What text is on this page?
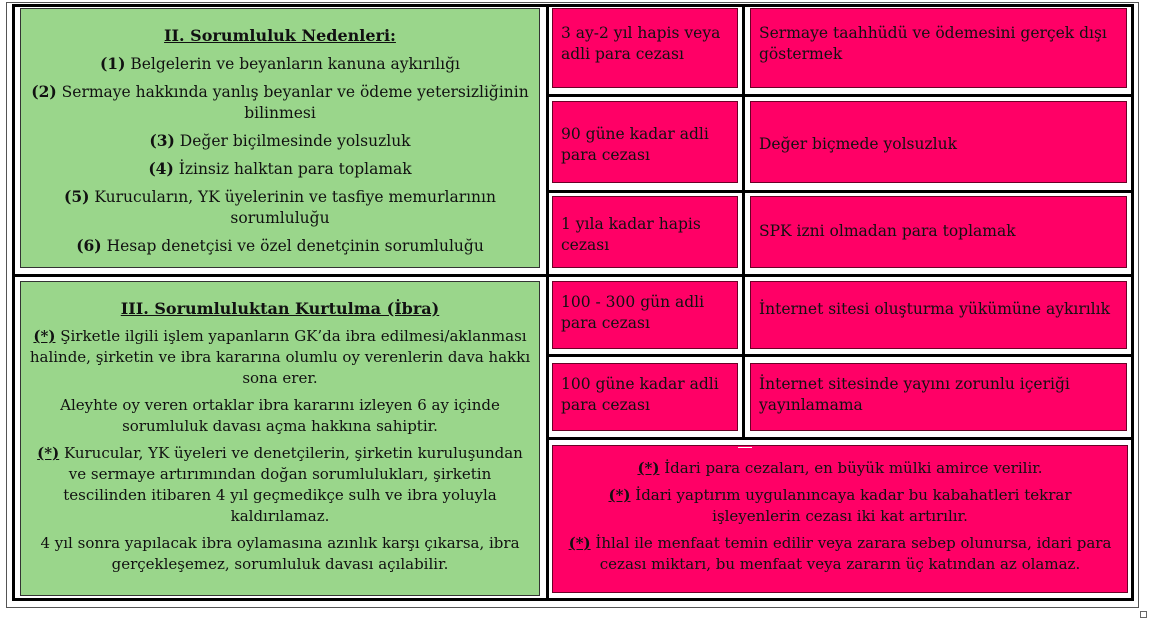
II. Sorumluluk Nedenleri:

(1) Belgelerin ve beyanların kanuna aykırılığı

(2) Sermaye hakkında yanlış beyanlar ve ödeme yetersizliğinin bilinmesi

(3) Değer biçilmesinde yolsuzluk

(4) İzinsiz halktan para toplamak

(5) Kurucuların, YK üyelerinin ve tasfiye memurlarının sorumluluğu

(6) Hesap denetçisi ve özel denetçinin sorumluluğu

III. Sorumluluktan Kurtulma (İbra)

(*) Şirketle ilgili işlem yapanların GK’da ibra edilmesi/aklanması halinde, şirketin ve ibra kararına olumlu oy verenlerin dava hakkı sona erer.

Aleyhte oy veren ortaklar ibra kararını izleyen 6 ay içinde sorumluluk davası açma hakkına sahiptir.

(*) Kurucular, YK üyeleri ve denetçilerin, şirketin kuruluşundan ve sermaye artırımından doğan sorumlulukları, şirketin tescilinden itibaren 4 yıl geçmedikçe sulh ve ibra yoluyla kaldırılamaz.

4 yıl sonra yapılacak ibra oylamasına azınlık karşı çıkarsa, ibra gerçekleşemez, sorumluluk davası açılabilir.

3 ay-2 yıl hapis veya adli para cezası
Sermaye taahhüdü ve ödemesini gerçek dışı göstermek
90 güne kadar adli para cezası
Değer biçmede yolsuzluk
1 yıla kadar hapis cezası
SPK izni olmadan para toplamak
100 - 300 gün adli para cezası
İnternet sitesi oluşturma yükümüne aykırılık
100 güne kadar adli para cezası
İnternet sitesinde yayını zorunlu içeriği yayınlamama

(*) İdari para cezaları, en büyük mülki amirce verilir.

(*) İdari yaptırım uygulanıncaya kadar bu kabahatleri tekrar işleyenlerin cezası iki kat artırılır.

(*) İhlal ile menfaat temin edilir veya zarara sebep olunursa, idari para cezası miktarı, bu menfaat veya zararın üç katından az olamaz.
